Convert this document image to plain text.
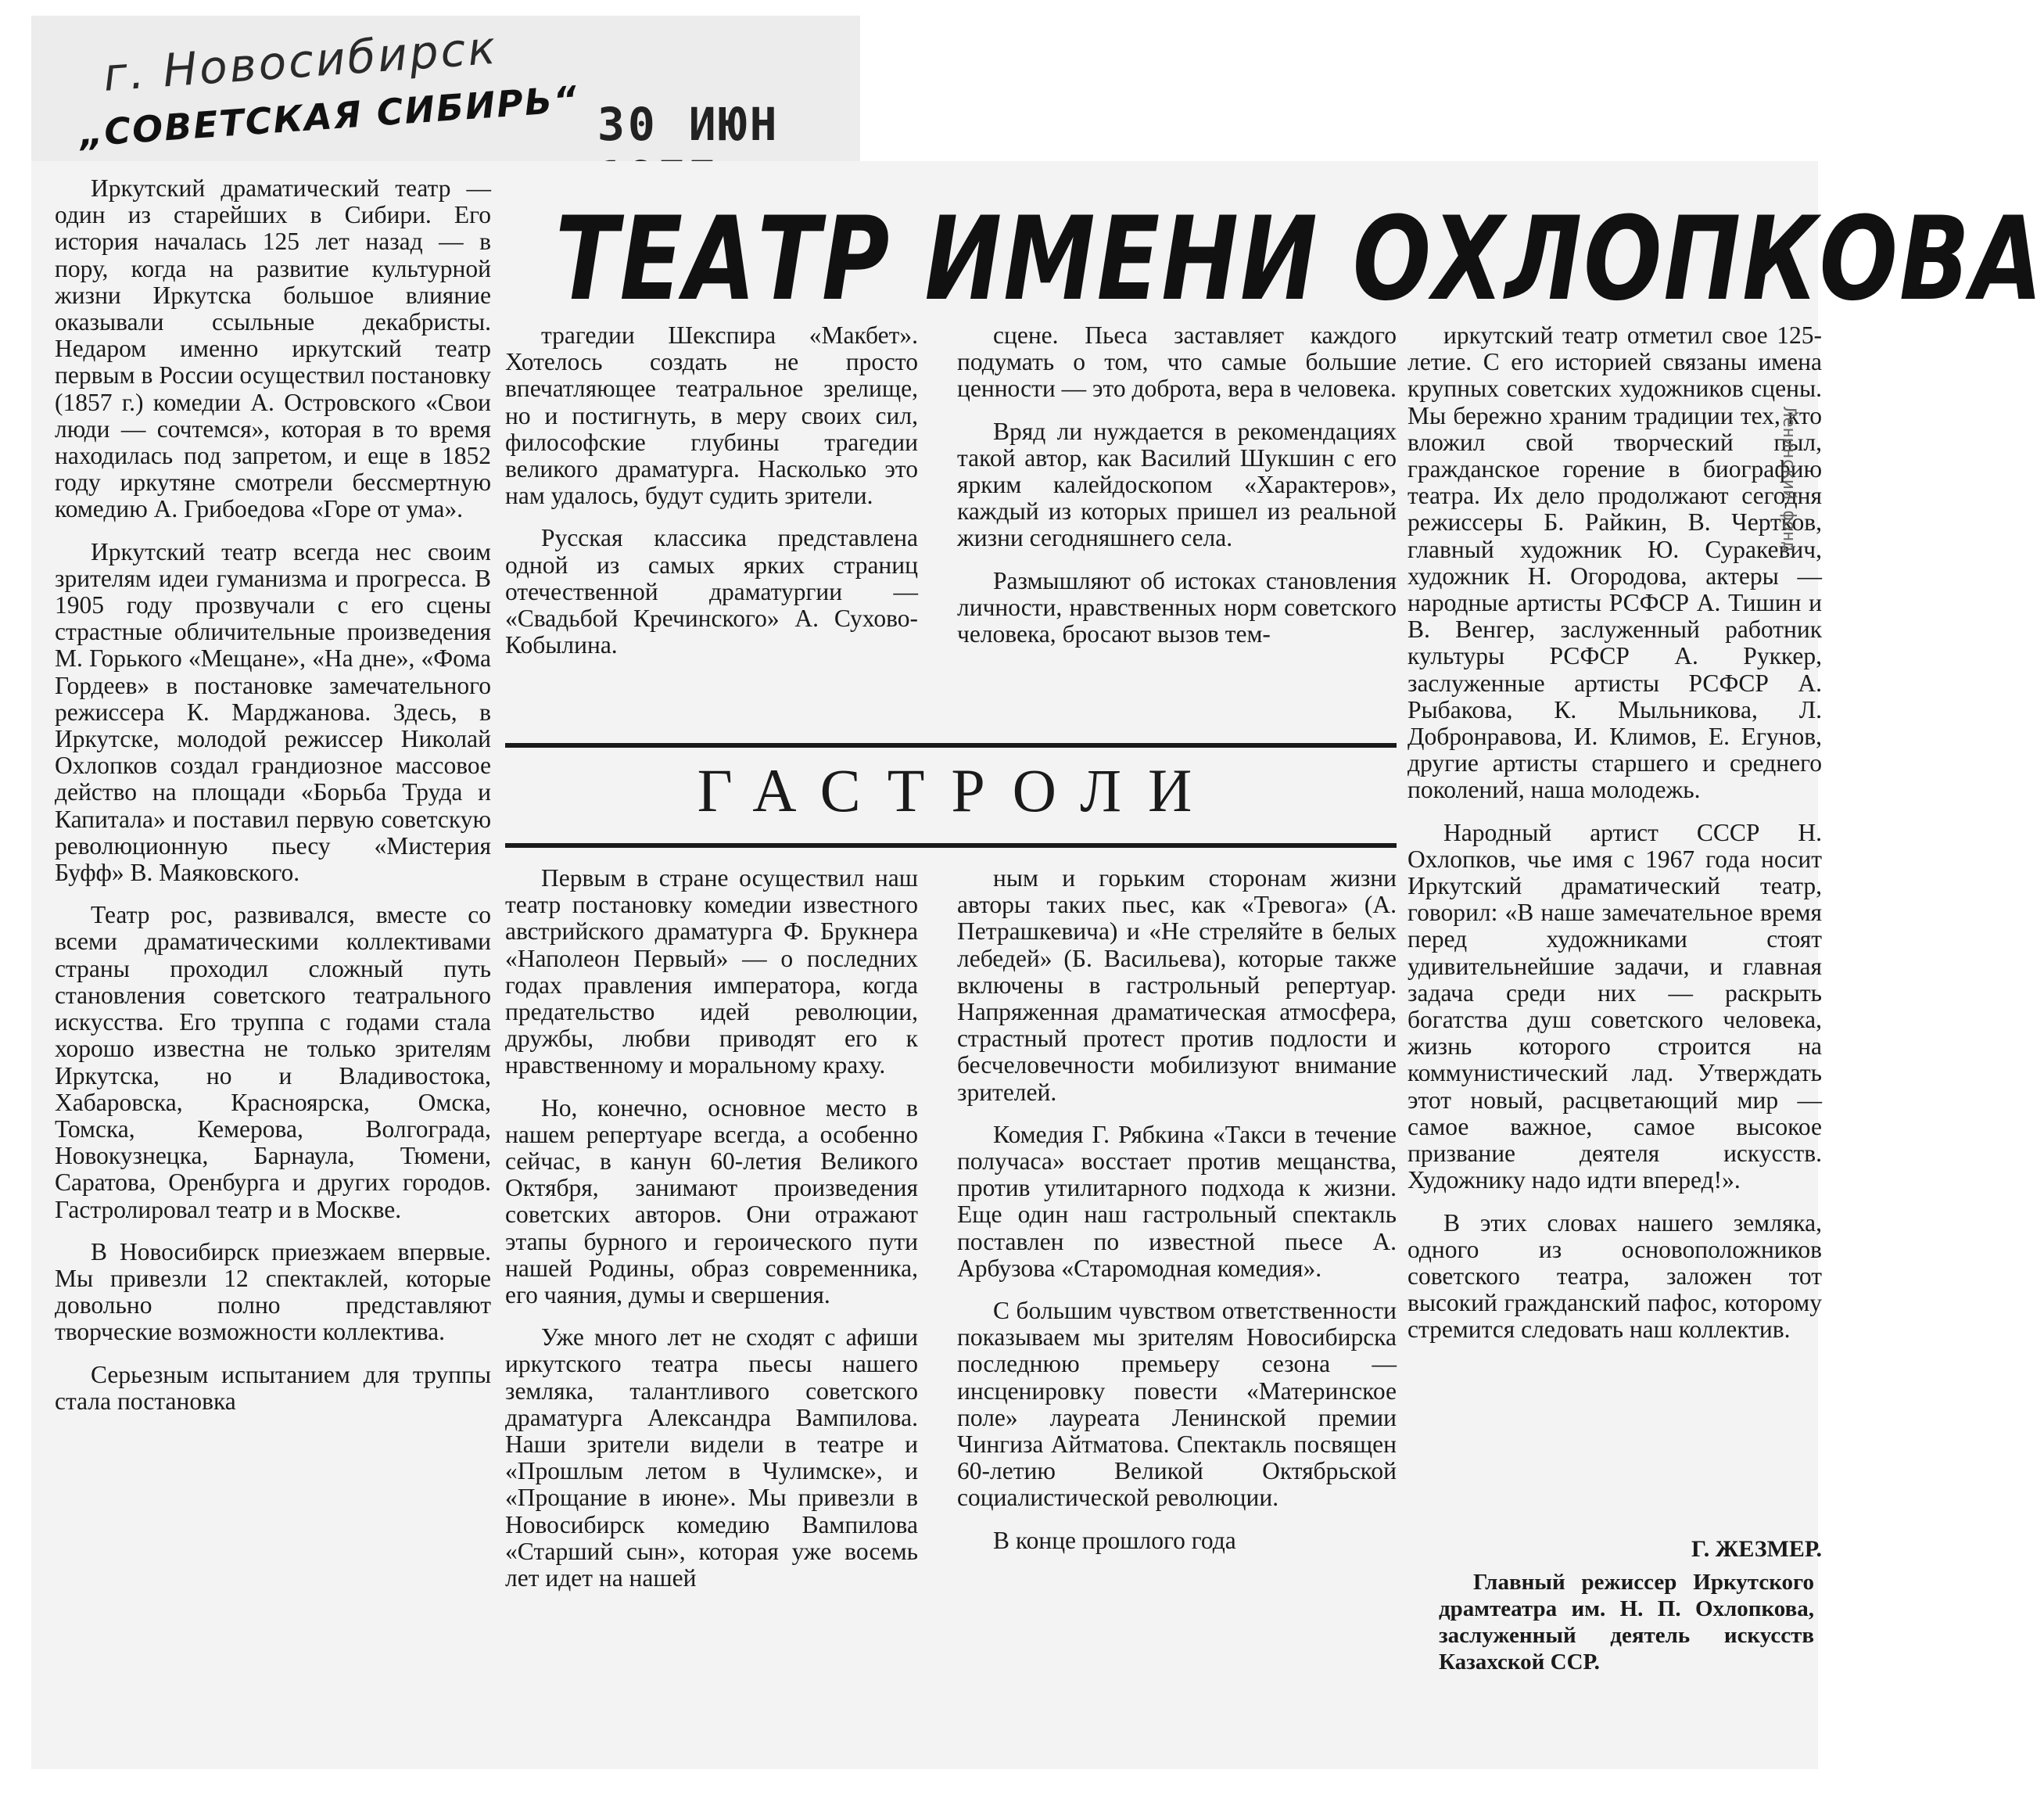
г. Новосибирск
„СОВЕТСКАЯ СИБИРЬ“ 30 ИЮН
ТЕАТР ИМЕНИ ОХЛОПКОВА

Иркутский драматический театр — один из старейших в Сибири. Его история началась 125 лет назад — в пору, когда на развитие культурной жизни Иркутска большое влияние оказывали ссыльные декабристы. Недаром именно иркутский театр первым в России осуществил постановку (1857 г.) комедии А. Островского «Свои люди — сочтемся», которая в то время находилась под запретом, и еще в 1852 году иркутяне смотрели бессмертную комедию А. Грибоедова «Горе от ума».

Иркутский театр всегда нес своим зрителям идеи гуманизма и прогресса. В 1905 году прозвучали с его сцены страстные обличительные произведения М. Горького «Мещане», «На дне», «Фома Гордеев» в постановке замечательного режиссера К. Марджанова. Здесь, в Иркутске, молодой режиссер Николай Охлопков создал грандиозное массовое действо на площади «Борьба Труда и Капитала» и поставил первую советскую революционную пьесу «Мистерия Буфф» В. Маяковского.

Театр рос, развивался, вместе со всеми драматическими коллективами страны проходил сложный путь становления советского театрального искусства. Его труппа с годами стала хорошо известна не только зрителям Иркутска, но и Владивостока, Хабаровска, Красноярска, Омска, Томска, Кемерова, Волгограда, Новокузнецка, Барнаула, Тюмени, Саратова, Оренбурга и других городов. Гастролировал театр и в Москве.

В Новосибирск приезжаем впервые. Мы привезли 12 спектаклей, которые довольно полно представляют творческие возможности коллектива.

Серьезным испытанием для труппы стала постановка

трагедии Шекспира «Макбет». Хотелось создать не просто впечатляющее театральное зрелище, но и постигнуть, в меру своих сил, философские глубины трагедии великого драматурга. Насколько это нам удалось, будут судить зрители.

Русская классика представлена одной из самых ярких страниц отечественной драматургии — «Свадьбой Кречинского» А. Сухово-Кобылина.

сцене. Пьеса заставляет каждого подумать о том, что самые большие ценности — это доброта, вера в человека.

Вряд ли нуждается в рекомендациях такой автор, как Василий Шукшин с его ярким калейдоскопом «Характеров», каждый из которых пришел из реальной жизни сегодняшнего села.

Размышляют об истоках становления личности, нравственных норм советского человека, бросают вызов тем-

ГАСТРОЛИ

Первым в стране осуществил наш театр постановку комедии известного австрийского драматурга Ф. Брукнера «Наполеон Первый» — о последних годах правления императора, когда предательство идей революции, дружбы, любви приводят его к нравственному и моральному краху.

Но, конечно, основное место в нашем репертуаре всегда, а особенно сейчас, в канун 60-летия Великого Октября, занимают произведения советских авторов. Они отражают этапы бурного и героического пути нашей Родины, образ современника, его чаяния, думы и свершения.

Уже много лет не сходят с афиши иркутского театра пьесы нашего земляка, талантливого советского драматурга Александра Вампилова. Наши зрители видели в театре и «Прошлым летом в Чулимске», и «Прощание в июне». Мы привезли в Новосибирск комедию Вампилова «Старший сын», которая уже восемь лет идет на нашей

ным и горьким сторонам жизни авторы таких пьес, как «Тревога» (А. Петрашкевича) и «Не стреляйте в белых лебедей» (Б. Васильева), которые также включены в гастрольный репертуар. Напряженная драматическая атмосфера, страстный протест против подлости и бесчеловечности мобилизуют внимание зрителей.

Комедия Г. Рябкина «Такси в течение получаса» восстает против мещанства, против утилитарного подхода к жизни. Еще один наш гастрольный спектакль поставлен по известной пьесе А. Арбузова «Старомодная комедия».

С большим чувством ответственности показываем мы зрителям Новосибирска последнюю премьеру сезона — инсценировку повести «Материнское поле» лауреата Ленинской премии Чингиза Айтматова. Спектакль посвящен 60-летию Великой Октябрьской социалистической революции.

В конце прошлого года

иркутский театр отметил свое 125-летие. С его историей связаны имена крупных советских художников сцены. Мы бережно храним традиции тех, кто вложил свой творческий пыл, гражданское горение в биографию театра. Их дело продолжают сегодня режиссеры Б. Райкин, В. Чертков, главный художник Ю. Суракевич, художник Н. Огородова, актеры — народные артисты РСФСР А. Тишин и В. Венгер, заслуженный работник культуры РСФСР А. Руккер, заслуженные артисты РСФСР А. Рыбакова, К. Мыльникова, Л. Добронравова, И. Климов, Е. Егунов, другие артисты старшего и среднего поколений, наша молодежь.

Народный артист СССР Н. Охлопков, чье имя с 1967 года носит Иркутский драматический театр, говорил: «В наше замечательное время перед художниками стоят удивительнейшие задачи, и главная задача среди них — раскрыть богатства душ советского человека, жизнь которого строится на коммунистический лад. Утверждать этот новый, расцветающий мир — самое важное, самое высокое призвание деятеля искусств. Художнику надо идти вперед!».

В этих словах нашего земляка, одного из основоположников советского театра, заложен тот высокий гражданский пафос, которому стремится следовать наш коллектив.

Г. ЖЕЗМЕР.
Главный режиссер Иркутского драмтеатра им. Н. П. Охлопкова, заслуженный деятель искусств Казахской ССР.
Ленинский фонд
